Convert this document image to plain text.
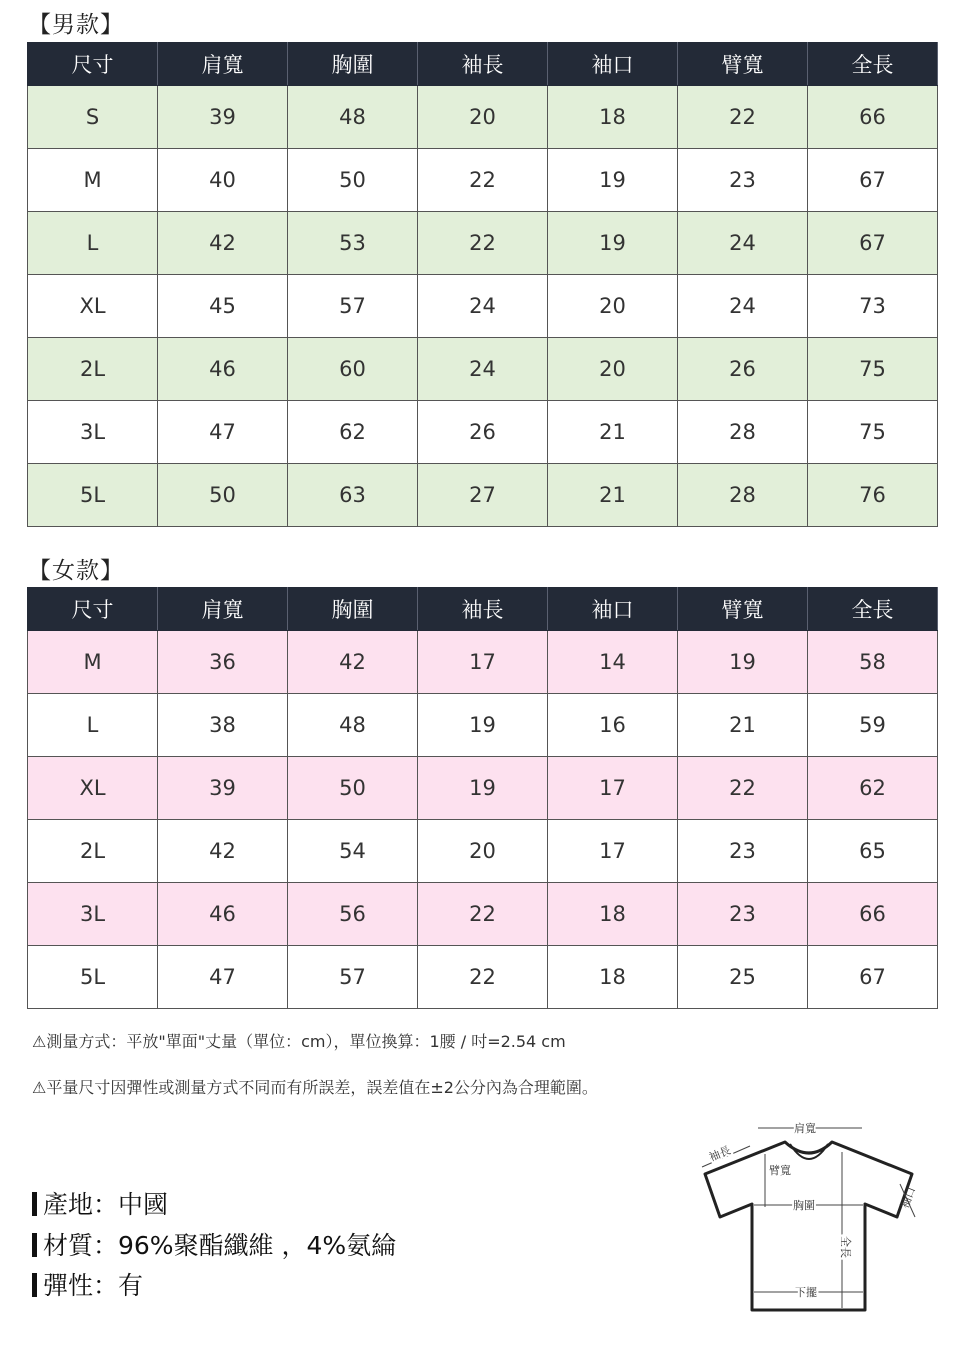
【男款】
尺寸	肩寬	胸圍	袖長	袖口	臂寬	全長
S	39	48	20	18	22	66
M	40	50	22	19	23	67
L	42	53	22	19	24	67
XL	45	57	24	20	24	73
2L	46	60	24	20	26	75
3L	47	62	26	21	28	75
5L	50	63	27	21	28	76
【女款】
尺寸	肩寬	胸圍	袖長	袖口	臂寬	全長
M	36	42	17	14	19	58
L	38	48	19	16	21	59
XL	39	50	19	17	22	62
2L	42	54	20	17	23	65
3L	46	56	22	18	23	66
5L	47	57	22	18	25	67
⚠測量方式：平放"單面"丈量（單位：cm），單位換算：1腰 / 吋=2.54 cm
⚠平量尺寸因彈性或測量方式不同而有所誤差，誤差值在±2公分內為合理範圍。
產地：中國
材質：96%聚酯纖維 ，4%氨綸
彈性：有
肩寬
袖長
臂寬
胸圍
全長
袖口
下擺
